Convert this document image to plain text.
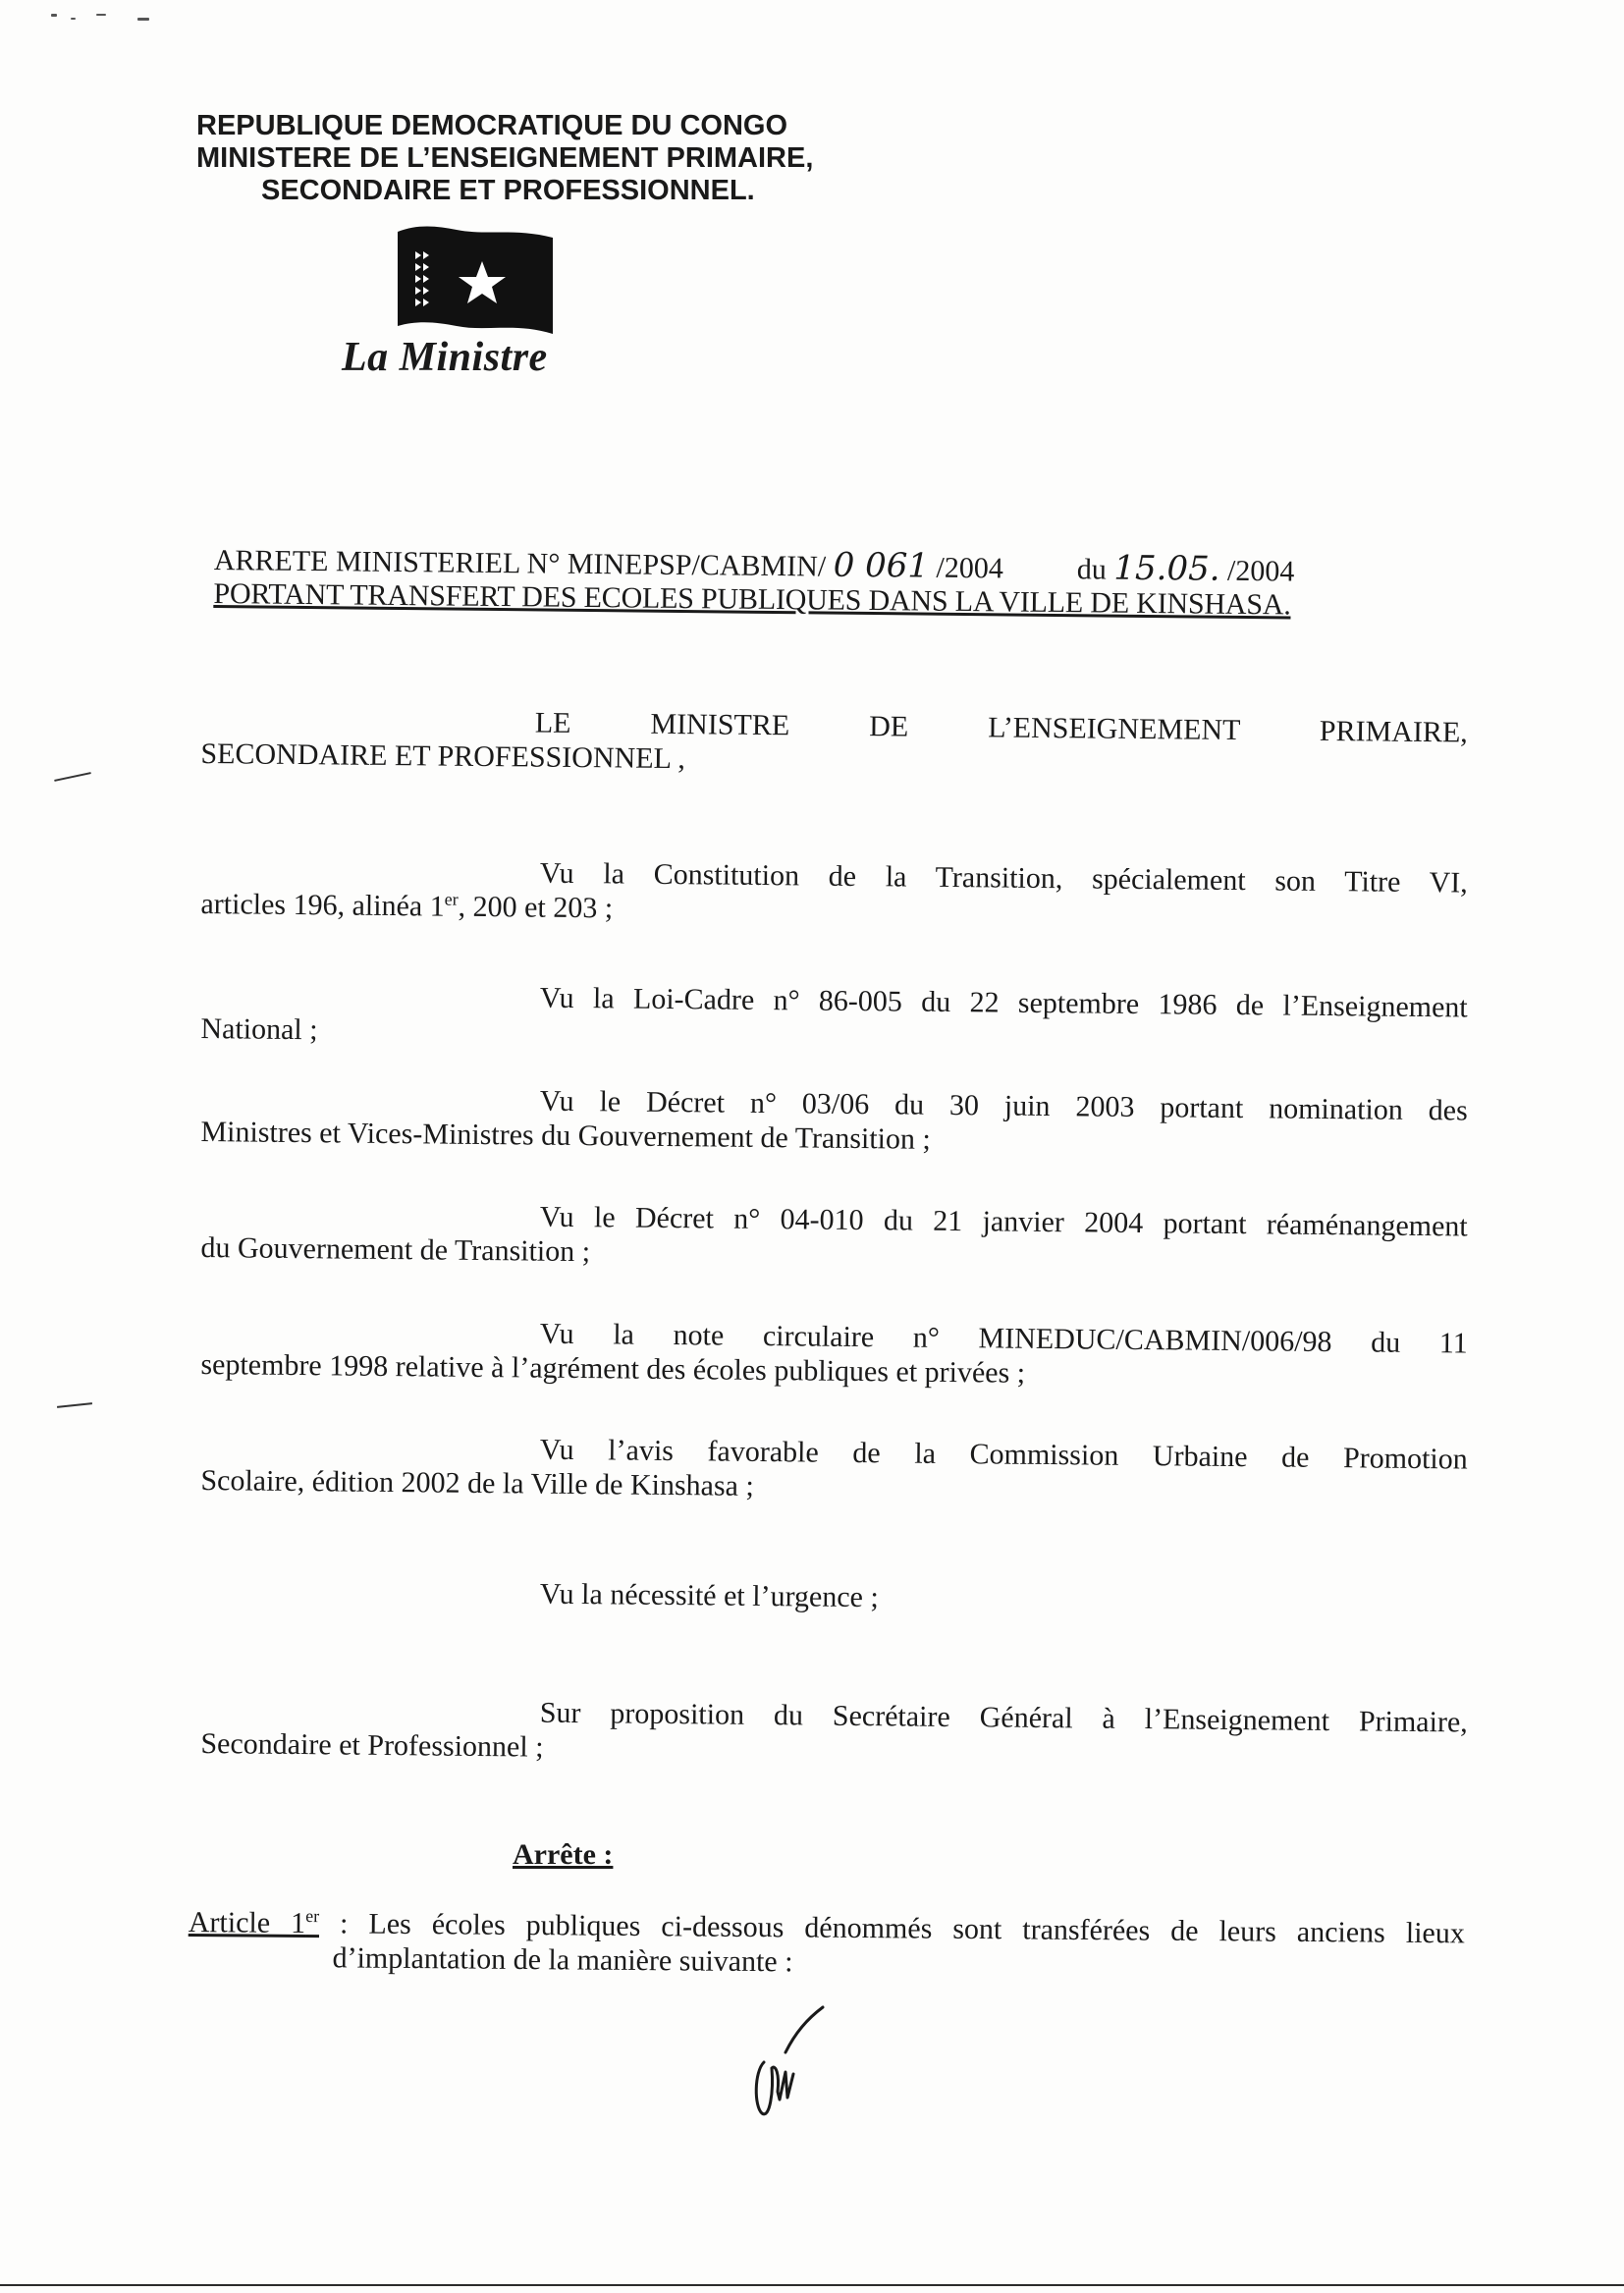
REPUBLIQUE DEMOCRATIQUE DU CONGO
MINISTERE DE L’ENSEIGNEMENT PRIMAIRE,
SECONDAIRE ET PROFESSIONNEL.
La Ministre
ARRETE MINISTERIEL N° MINEPSP/CABMIN/ 0 061 /2004 du 15.05. /2004
PORTANT TRANSFERT DES ECOLES PUBLIQUES DANS LA VILLE DE KINSHASA.
LE MINISTRE DE L’ENSEIGNEMENT PRIMAIRE,
SECONDAIRE ET PROFESSIONNEL ,
Vu la Constitution de la Transition, spécialement son Titre VI,
articles 196, alinéa 1er, 200 et 203 ;
Vu la Loi-Cadre n° 86-005 du 22 septembre 1986 de l’Enseignement
National ;
Vu le Décret n° 03/06 du 30 juin 2003 portant nomination des
Ministres et Vices-Ministres du Gouvernement de Transition ;
Vu le Décret n° 04-010 du 21 janvier 2004 portant réaménangement
du Gouvernement de Transition ;
Vu la note circulaire n° MINEDUC/CABMIN/006/98 du 11
septembre 1998 relative à l’agrément des écoles publiques et privées ;
Vu l’avis favorable de la Commission Urbaine de Promotion
Scolaire, édition 2002 de la Ville de Kinshasa ;
Vu la nécessité et l’urgence ;
Sur proposition du Secrétaire Général à l’Enseignement Primaire,
Secondaire et Professionnel ;
Arrête :
Article 1er : Les écoles publiques ci-dessous dénommés sont transférées de leurs anciens lieux
d’implantation de la manière suivante :
